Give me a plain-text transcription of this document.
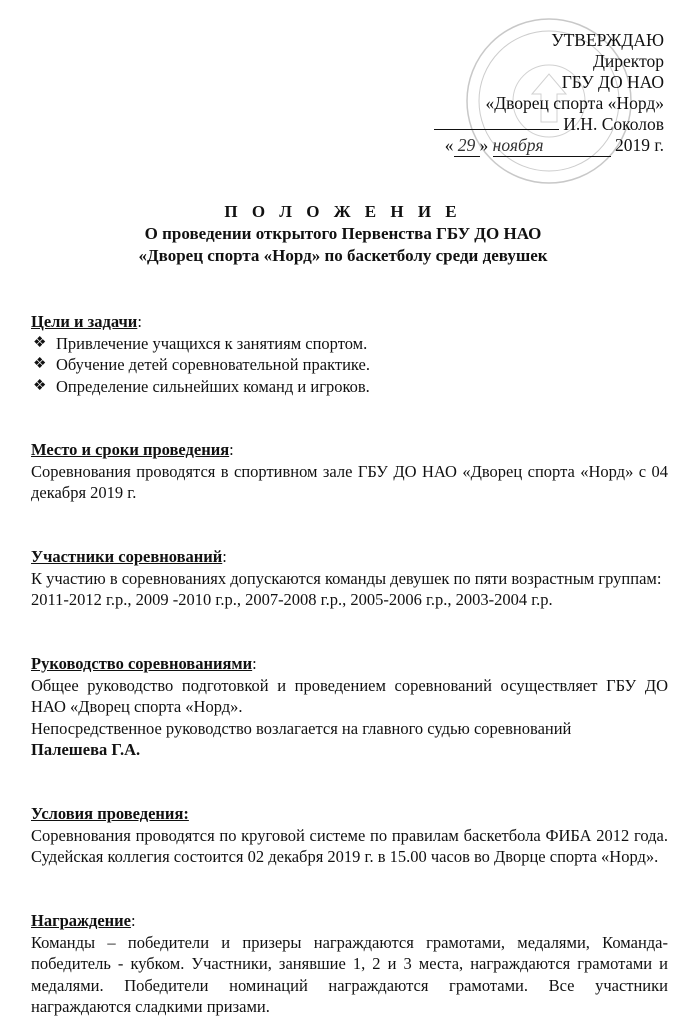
УТВЕРЖДАЮ
Директор
ГБУ ДО НАО
«Дворец спорта «Норд»
И.Н. Соколов
« 29 » ноября	2019 г.
П О Л О Ж Е Н И Е
О проведении открытого Первенства ГБУ ДО НАО
«Дворец спорта «Норд» по баскетболу среди девушек
Цели и задачи:
❖ Привлечение учащихся к занятиям спортом.
❖ Обучение детей соревновательной практике.
❖ Определение сильнейших команд и игроков.
Место и сроки проведения:
Соревнования проводятся в спортивном зале ГБУ ДО НАО «Дворец спорта «Норд» с 04 декабря 2019 г.
Участники соревнований:
К участию в соревнованиях допускаются команды девушек по пяти возрастным группам:
2011-2012 г.р., 2009 -2010 г.р., 2007-2008 г.р., 2005-2006 г.р., 2003-2004 г.р.
Руководство соревнованиями:
Общее руководство подготовкой и проведением соревнований осуществляет ГБУ ДО НАО «Дворец спорта «Норд».
Непосредственное руководство возлагается на главного судью соревнований
Палешева Г.А.
Условия проведения:
Соревнования проводятся по круговой системе по правилам баскетбола ФИБА 2012 года. Судейская коллегия состоится 02 декабря 2019 г. в 15.00 часов во Дворце спорта «Норд».
Награждение:
Команды – победители и призеры награждаются грамотами, медалями, Команда-победитель - кубком. Участники, занявшие 1, 2 и 3 места, награждаются грамотами и медалями. Победители номинаций награждаются грамотами. Все участники награждаются сладкими призами.
